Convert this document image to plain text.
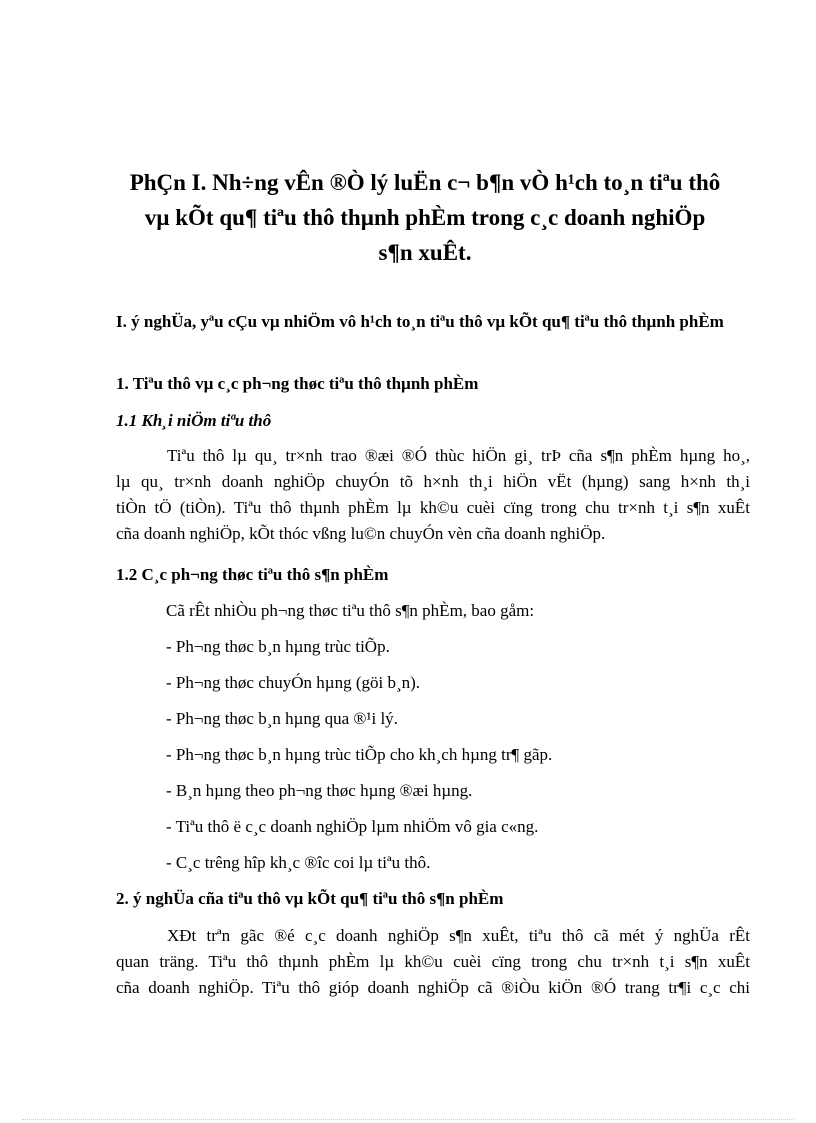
PhÇn I. Nh÷ng vÊn ®Ò lý luËn c¬ b¶n vÒ h¹ch to¸n tiªu thô
vµ kÕt qu¶ tiªu thô thµnh phÈm trong c¸c doanh nghiÖp
s¶n xuÊt.
I. ý nghÜa, yªu cÇu vµ nhiÖm vô h¹ch to¸n tiªu thô vµ kÕt qu¶ tiªu thô thµnh phÈm
1. Tiªu thô vµ c¸c ph¬ng thøc tiªu thô thµnh phÈm
1.1 Kh¸i niÖm tiªu thô
Tiªu thô lµ qu¸ tr×nh trao ®æi ®Ó thùc hiÖn gi¸ trÞ cña s¶n phÈm hµng ho¸,
lµ qu¸ tr×nh doanh nghiÖp chuyÓn tõ h×nh th¸i hiÖn vËt (hµng) sang h×nh th¸i
tiÒn tÖ (tiÒn). Tiªu thô thµnh phÈm lµ kh©u cuèi cïng trong chu tr×nh t¸i s¶n xuÊt
cña doanh nghiÖp, kÕt thóc vßng lu©n chuyÓn vèn cña doanh nghiÖp.
1.2 C¸c ph¬ng thøc tiªu thô s¶n phÈm
Cã rÊt nhiÒu ph¬ng thøc tiªu thô s¶n phÈm, bao gåm:
- Ph¬ng thøc b¸n hµng trùc tiÕp.
- Ph¬ng thøc chuyÓn hµng (göi b¸n).
- Ph¬ng thøc b¸n hµng qua ®¹i lý.
- Ph¬ng thøc b¸n hµng trùc tiÕp cho kh¸ch hµng tr¶ gãp.
- B¸n hµng theo ph¬ng thøc hµng ®æi hµng.
- Tiªu thô ë c¸c doanh nghiÖp lµm nhiÖm vô gia c«ng.
- C¸c trêng hîp kh¸c ®îc coi lµ tiªu thô.
2. ý nghÜa cña tiªu thô vµ kÕt qu¶ tiªu thô s¶n phÈm
XÐt trªn gãc ®é c¸c doanh nghiÖp s¶n xuÊt, tiªu thô cã mét ý nghÜa rÊt
quan träng. Tiªu thô thµnh phÈm lµ kh©u cuèi cïng trong chu tr×nh t¸i s¶n xuÊt
cña doanh nghiÖp. Tiªu thô gióp doanh nghiÖp cã ®iÒu kiÖn ®Ó trang tr¶i c¸c chi
